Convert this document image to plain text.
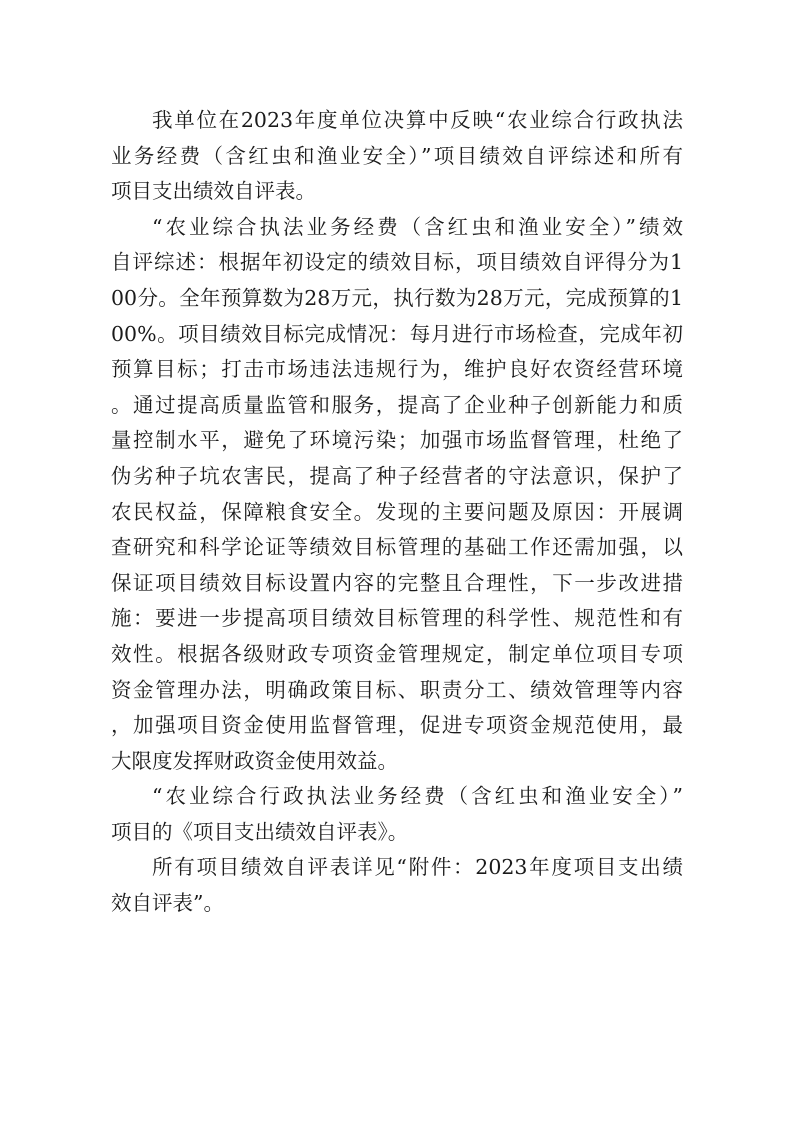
我单位在2023年度单位决算中反映“农业综合行政执法
业务经费（含红虫和渔业安全）”项目绩效自评综述和所有
项目支出绩效自评表。
“农业综合执法业务经费（含红虫和渔业安全）”绩效
自评综述：根据年初设定的绩效目标，项目绩效自评得分为1
00分。全年预算数为28万元，执行数为28万元，完成预算的1
00%。项目绩效目标完成情况：每月进行市场检查，完成年初
预算目标；打击市场违法违规行为，维护良好农资经营环境
。通过提高质量监管和服务，提高了企业种子创新能力和质
量控制水平，避免了环境污染；加强市场监督管理，杜绝了
伪劣种子坑农害民，提高了种子经营者的守法意识，保护了
农民权益，保障粮食安全。发现的主要问题及原因：开展调
查研究和科学论证等绩效目标管理的基础工作还需加强，以
保证项目绩效目标设置内容的完整且合理性，下一步改进措
施：要进一步提高项目绩效目标管理的科学性、规范性和有
效性。根据各级财政专项资金管理规定，制定单位项目专项
资金管理办法，明确政策目标、职责分工、绩效管理等内容
，加强项目资金使用监督管理，促进专项资金规范使用，最
大限度发挥财政资金使用效益。
“农业综合行政执法业务经费（含红虫和渔业安全）”
项目的《项目支出绩效自评表》。
所有项目绩效自评表详见“附件：2023年度项目支出绩
效自评表”。
